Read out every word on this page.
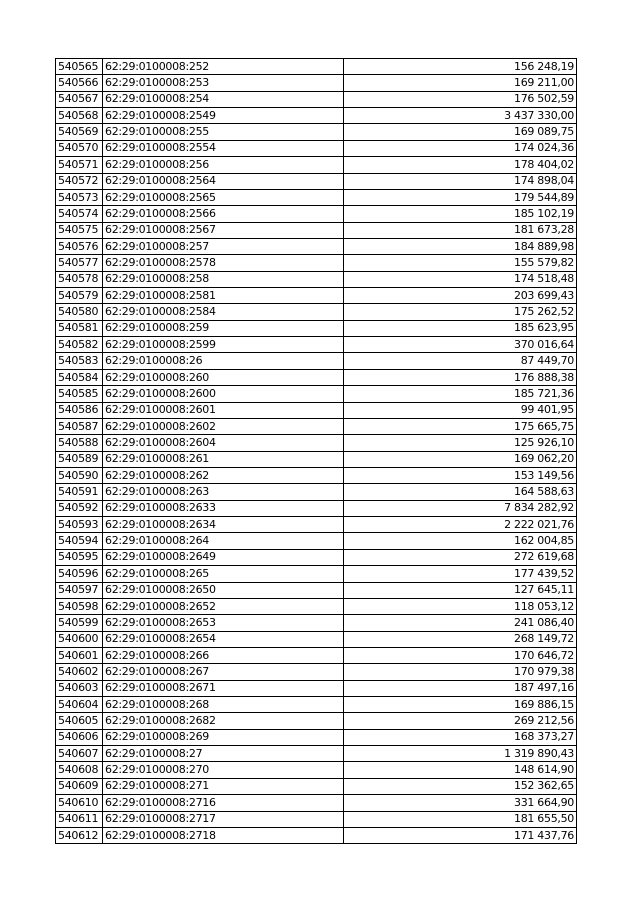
540565	62:29:0100008:252	156 248,19
540566	62:29:0100008:253	169 211,00
540567	62:29:0100008:254	176 502,59
540568	62:29:0100008:2549	3 437 330,00
540569	62:29:0100008:255	169 089,75
540570	62:29:0100008:2554	174 024,36
540571	62:29:0100008:256	178 404,02
540572	62:29:0100008:2564	174 898,04
540573	62:29:0100008:2565	179 544,89
540574	62:29:0100008:2566	185 102,19
540575	62:29:0100008:2567	181 673,28
540576	62:29:0100008:257	184 889,98
540577	62:29:0100008:2578	155 579,82
540578	62:29:0100008:258	174 518,48
540579	62:29:0100008:2581	203 699,43
540580	62:29:0100008:2584	175 262,52
540581	62:29:0100008:259	185 623,95
540582	62:29:0100008:2599	370 016,64
540583	62:29:0100008:26	87 449,70
540584	62:29:0100008:260	176 888,38
540585	62:29:0100008:2600	185 721,36
540586	62:29:0100008:2601	99 401,95
540587	62:29:0100008:2602	175 665,75
540588	62:29:0100008:2604	125 926,10
540589	62:29:0100008:261	169 062,20
540590	62:29:0100008:262	153 149,56
540591	62:29:0100008:263	164 588,63
540592	62:29:0100008:2633	7 834 282,92
540593	62:29:0100008:2634	2 222 021,76
540594	62:29:0100008:264	162 004,85
540595	62:29:0100008:2649	272 619,68
540596	62:29:0100008:265	177 439,52
540597	62:29:0100008:2650	127 645,11
540598	62:29:0100008:2652	118 053,12
540599	62:29:0100008:2653	241 086,40
540600	62:29:0100008:2654	268 149,72
540601	62:29:0100008:266	170 646,72
540602	62:29:0100008:267	170 979,38
540603	62:29:0100008:2671	187 497,16
540604	62:29:0100008:268	169 886,15
540605	62:29:0100008:2682	269 212,56
540606	62:29:0100008:269	168 373,27
540607	62:29:0100008:27	1 319 890,43
540608	62:29:0100008:270	148 614,90
540609	62:29:0100008:271	152 362,65
540610	62:29:0100008:2716	331 664,90
540611	62:29:0100008:2717	181 655,50
540612	62:29:0100008:2718	171 437,76
